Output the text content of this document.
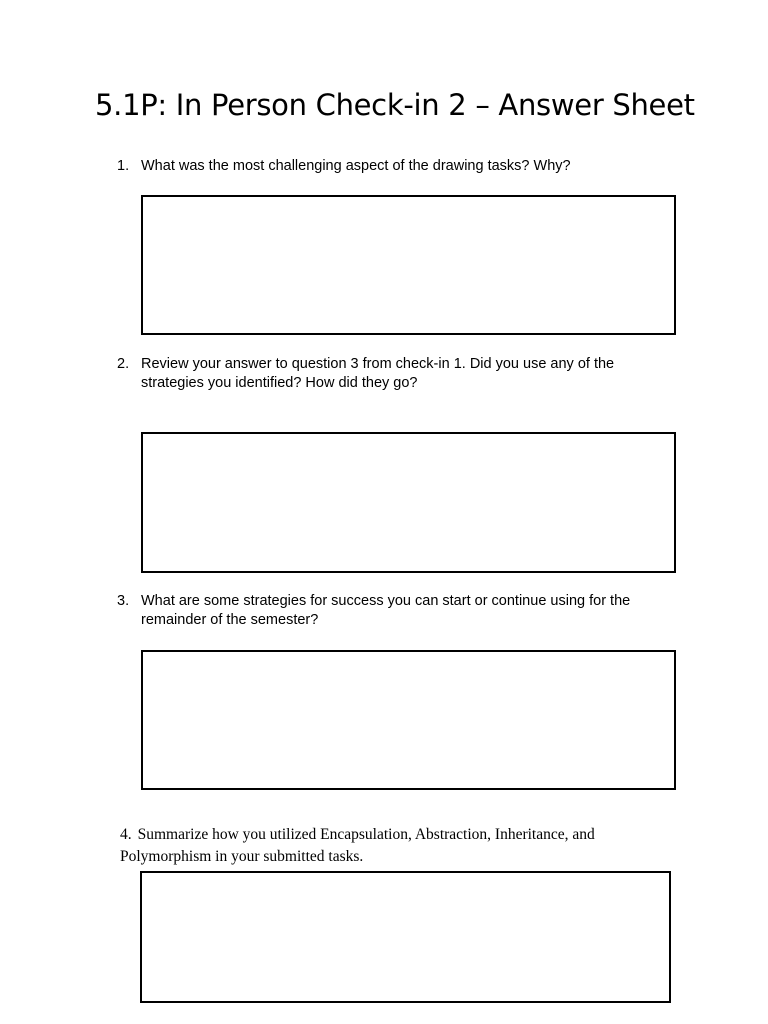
5.1P: In Person Check-in 2 – Answer Sheet
1. What was the most challenging aspect of the drawing tasks? Why?
2. Review your answer to question 3 from check-in 1. Did you use any of the strategies you identified? How did they go?
3. What are some strategies for success you can start or continue using for the remainder of the semester?
4. Summarize how you utilized Encapsulation, Abstraction, Inheritance, and Polymorphism in your submitted tasks.
